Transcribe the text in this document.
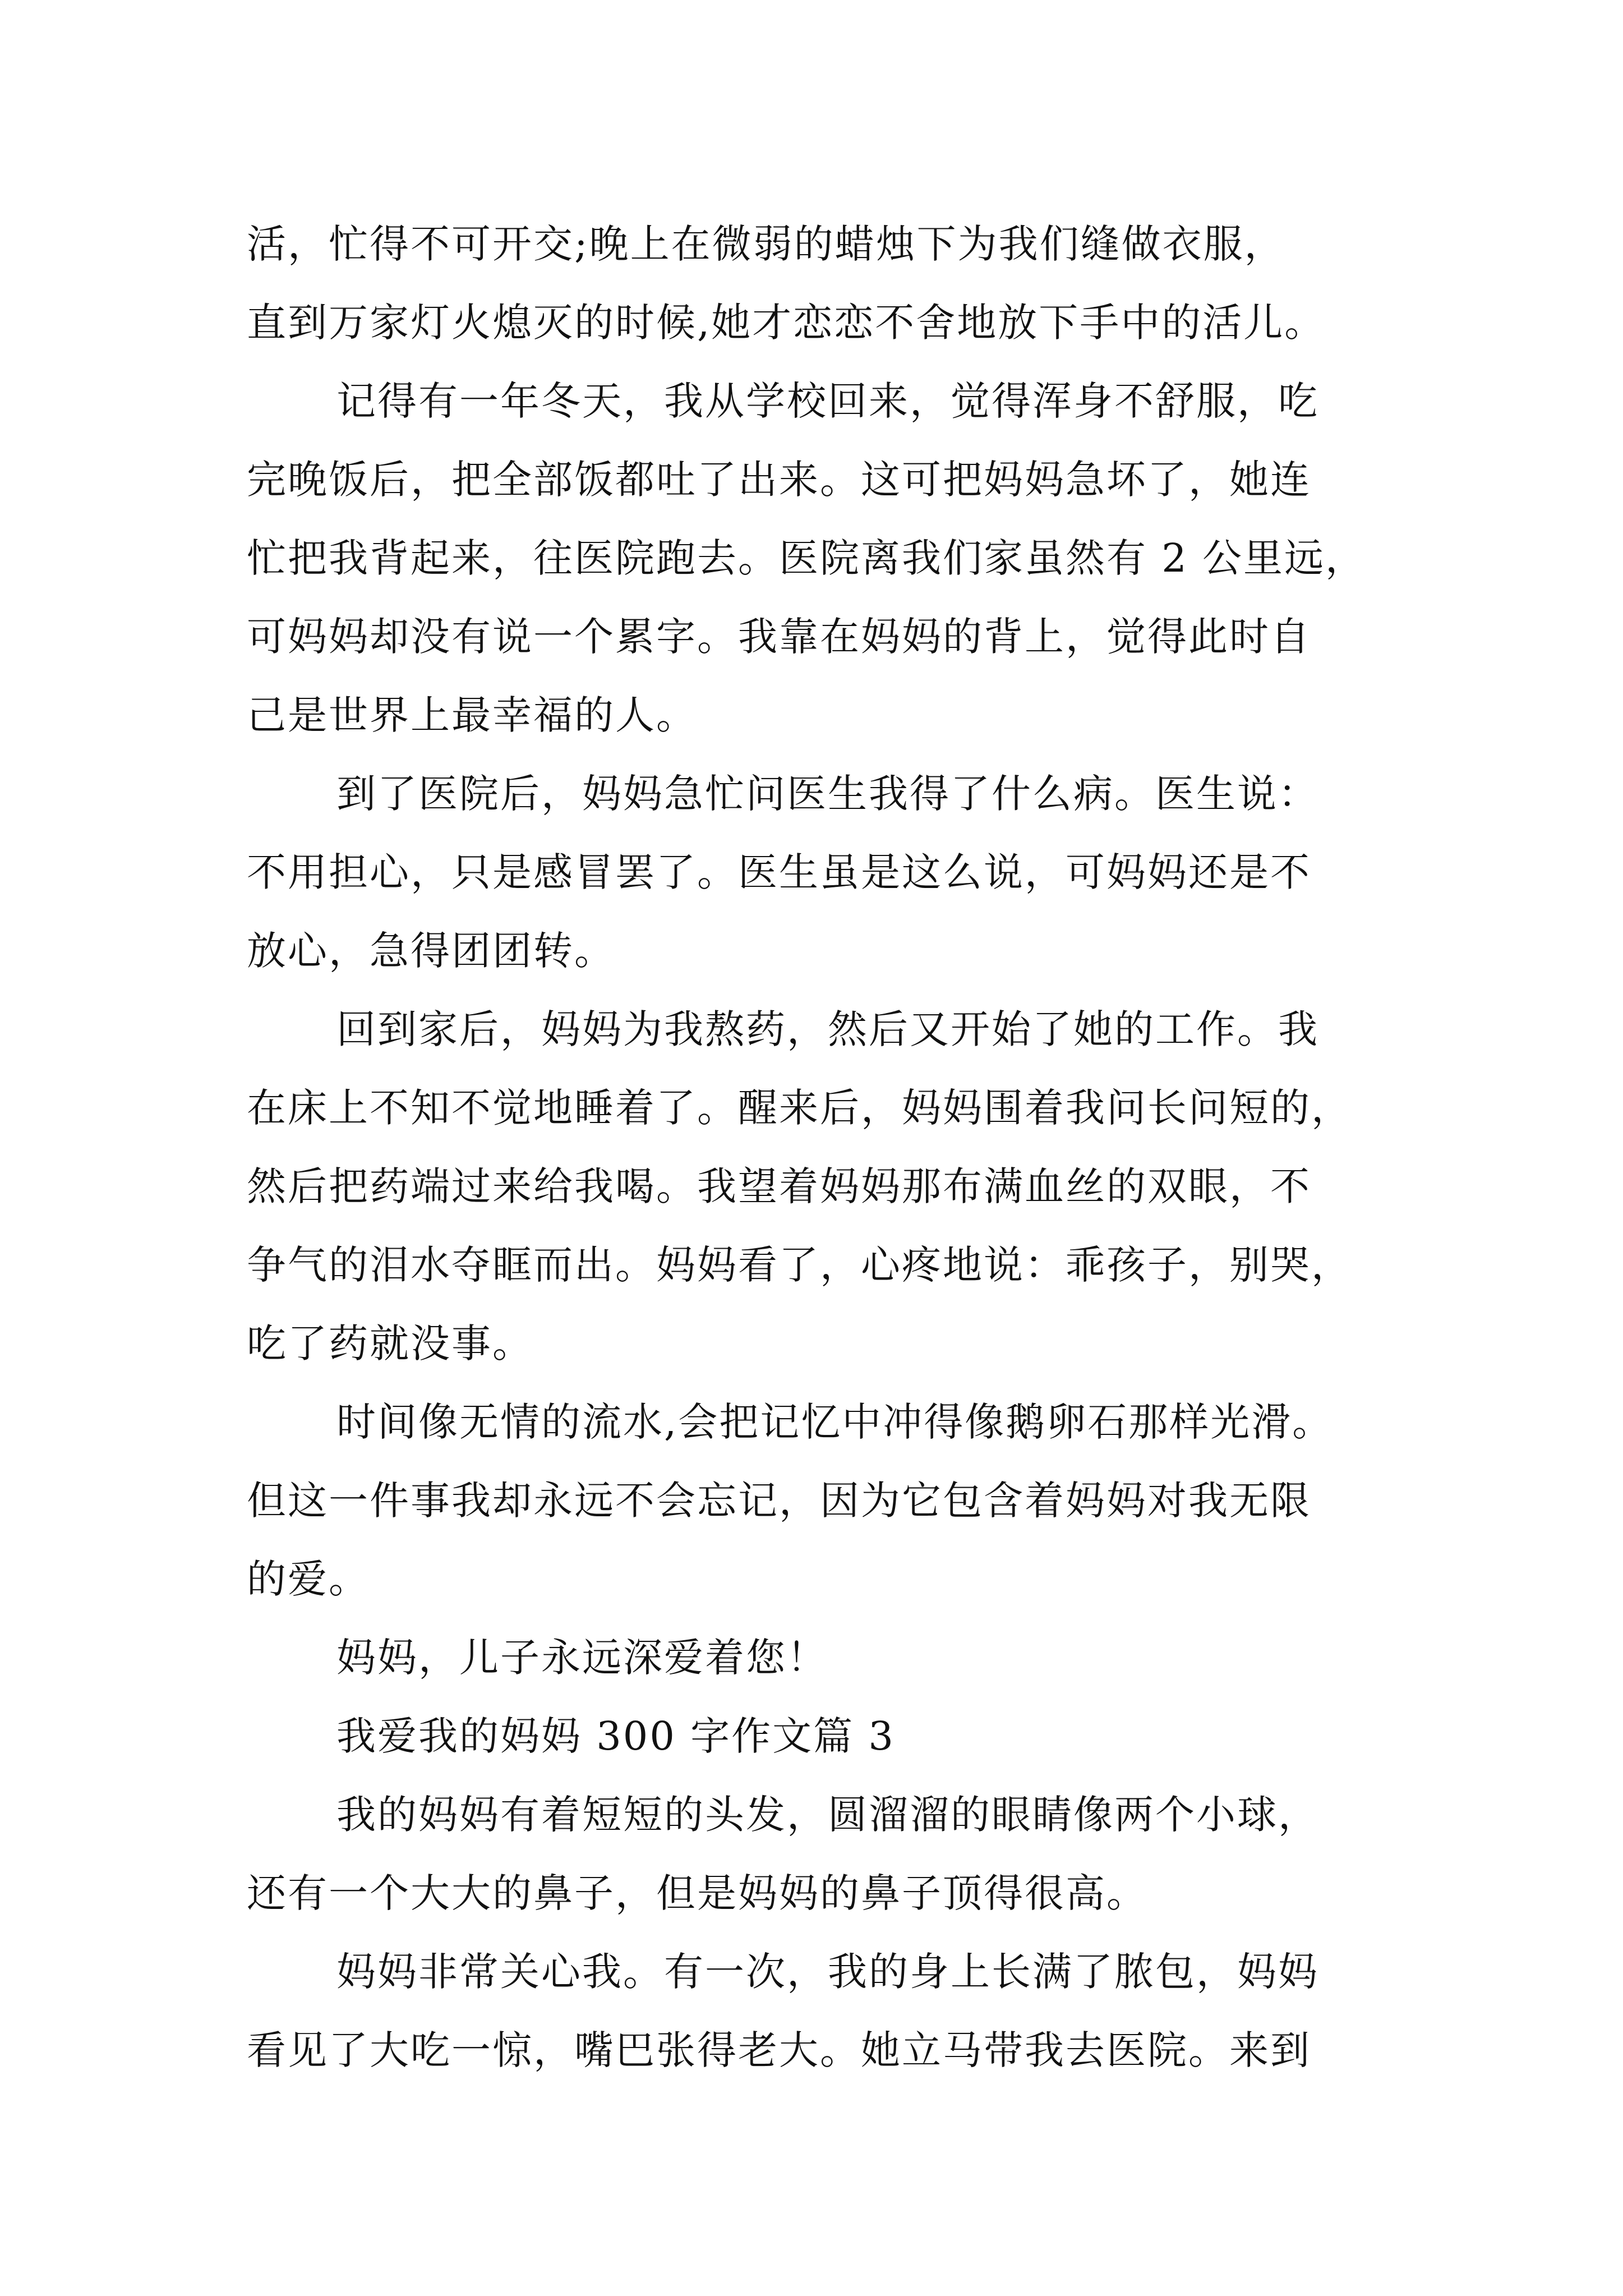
活，忙得不可开交;晚上在微弱的蜡烛下为我们缝做衣服，

直到万家灯火熄灭的时候,她才恋恋不舍地放下手中的活儿。

记得有一年冬天，我从学校回来，觉得浑身不舒服，吃

完晚饭后，把全部饭都吐了出来。这可把妈妈急坏了，她连

忙把我背起来，往医院跑去。医院离我们家虽然有 2 公里远，

可妈妈却没有说一个累字。我靠在妈妈的背上，觉得此时自

己是世界上最幸福的人。

到了医院后，妈妈急忙问医生我得了什么病。医生说：

不用担心，只是感冒罢了。医生虽是这么说，可妈妈还是不

放心，急得团团转。

回到家后，妈妈为我熬药，然后又开始了她的工作。我

在床上不知不觉地睡着了。醒来后，妈妈围着我问长问短的，

然后把药端过来给我喝。我望着妈妈那布满血丝的双眼，不

争气的泪水夺眶而出。妈妈看了，心疼地说：乖孩子，别哭，

吃了药就没事。

时间像无情的流水,会把记忆中冲得像鹅卵石那样光滑。

但这一件事我却永远不会忘记，因为它包含着妈妈对我无限

的爱。

妈妈，儿子永远深爱着您！

我爱我的妈妈 300 字作文篇 3

我的妈妈有着短短的头发，圆溜溜的眼睛像两个小球，

还有一个大大的鼻子，但是妈妈的鼻子顶得很高。

妈妈非常关心我。有一次，我的身上长满了脓包，妈妈

看见了大吃一惊，嘴巴张得老大。她立马带我去医院。来到
